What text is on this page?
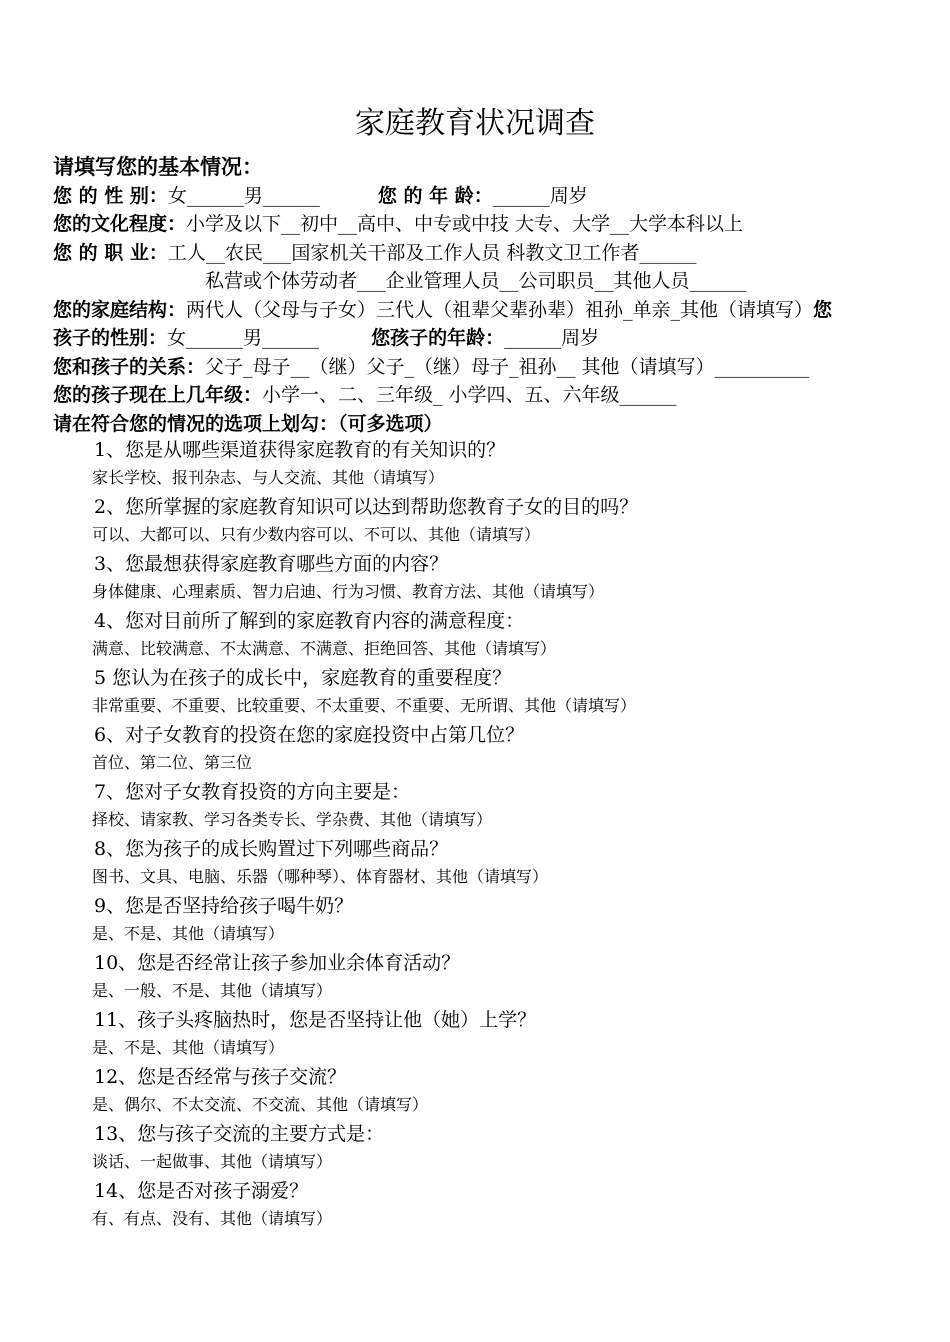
家庭教育状况调查
请填写您的基本情况：
您 的 性 别：女______男______	您 的 年 龄：______周岁
您的文化程度：小学及以下__初中__高中、中专或中技 大专、大学__大学本科以上
您 的 职 业：工人__农民___国家机关干部及工作人员 科教文卫工作者______
私营或个体劳动者___企业管理人员__公司职员__其他人员______
您的家庭结构：两代人（父母与子女）三代人（祖辈父辈孙辈）祖孙_单亲_其他（请填写）您
孩子的性别：女______男______	您孩子的年龄：______周岁
您和孩子的关系：父子_母子__（继）父子_（继）母子_祖孙__ 其他（请填写）__________
您的孩子现在上几年级：小学一、二、三年级_ 小学四、五、六年级______
请在符合您的情况的选项上划勾：（可多选项）
1、您是从哪些渠道获得家庭教育的有关知识的？
家长学校、报刊杂志、与人交流、其他（请填写）
2、您所掌握的家庭教育知识可以达到帮助您教育子女的目的吗？
可以、大都可以、只有少数内容可以、不可以、其他（请填写）
3、您最想获得家庭教育哪些方面的内容？
身体健康、心理素质、智力启迪、行为习惯、教育方法、其他（请填写）
4、您对目前所了解到的家庭教育内容的满意程度：
满意、比较满意、不太满意、不满意、拒绝回答、其他（请填写）
5 您认为在孩子的成长中，家庭教育的重要程度？
非常重要、不重要、比较重要、不太重要、不重要、无所谓、其他（请填写）
6、对子女教育的投资在您的家庭投资中占第几位？
首位、第二位、第三位
7、您对子女教育投资的方向主要是：
择校、请家教、学习各类专长、学杂费、其他（请填写）
8、您为孩子的成长购置过下列哪些商品？
图书、文具、电脑、乐器（哪种琴）、体育器材、其他（请填写）
9、您是否坚持给孩子喝牛奶？
是、不是、其他（请填写）
10、您是否经常让孩子参加业余体育活动？
是、一般、不是、其他（请填写）
11、孩子头疼脑热时，您是否坚持让他（她）上学？
是、不是、其他（请填写）
12、您是否经常与孩子交流？
是、偶尔、不太交流、不交流、其他（请填写）
13、您与孩子交流的主要方式是：
谈话、一起做事、其他（请填写）
14、您是否对孩子溺爱？
有、有点、没有、其他（请填写）
